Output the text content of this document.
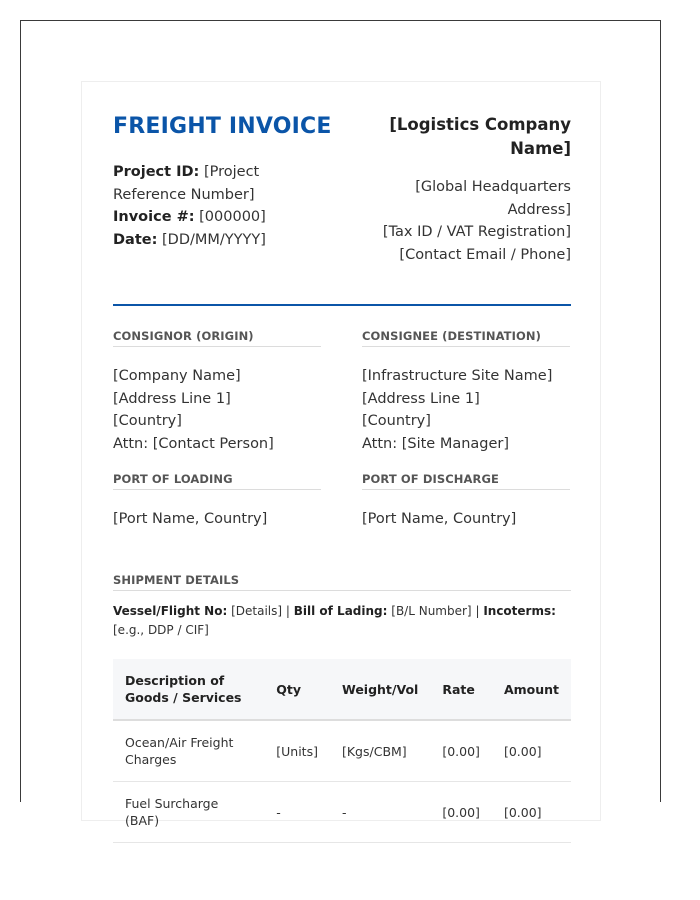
FREIGHT INVOICE
Project ID: [Project Reference Number]
Invoice #: [000000]
Date: [DD/MM/YYYY]
[Logistics Company Name]
[Global Headquarters Address]
[Tax ID / VAT Registration]
[Contact Email / Phone]
CONSIGNOR (ORIGIN)
[Company Name]
[Address Line 1]
[Country]
Attn: [Contact Person]
CONSIGNEE (DESTINATION)
[Infrastructure Site Name]
[Address Line 1]
[Country]
Attn: [Site Manager]
PORT OF LOADING
[Port Name, Country]
PORT OF DISCHARGE
[Port Name, Country]
SHIPMENT DETAILS
Vessel/Flight No: [Details] | Bill of Lading: [B/L Number] | Incoterms: [e.g., DDP / CIF]
Description of Goods / Services	Qty	Weight/Vol	Rate	Amount
Ocean/Air Freight Charges	[Units]	[Kgs/CBM]	[0.00]	[0.00]
Fuel Surcharge (BAF)	-	-	[0.00]	[0.00]
